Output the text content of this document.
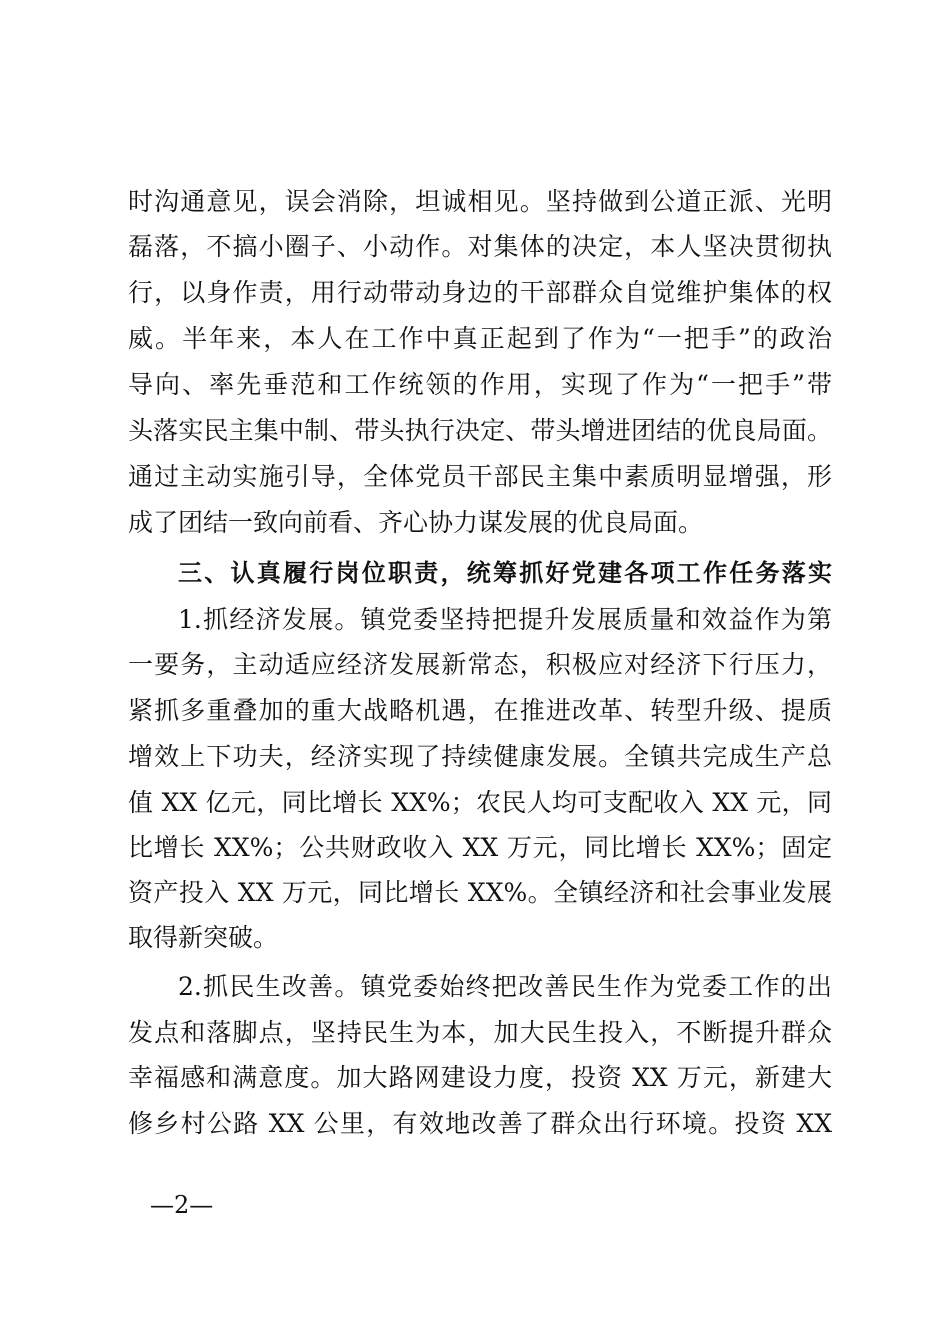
时沟通意见，误会消除，坦诚相见。坚持做到公道正派、光明
磊落，不搞小圈子、小动作。对集体的决定，本人坚决贯彻执
行，以身作责，用行动带动身边的干部群众自觉维护集体的权
威。半年来，本人在工作中真正起到了作为“一把手”的政治
导向、率先垂范和工作统领的作用，实现了作为“一把手”带
头落实民主集中制、带头执行决定、带头增进团结的优良局面。
通过主动实施引导，全体党员干部民主集中素质明显增强，形
成了团结一致向前看、齐心协力谋发展的优良局面。
三、认真履行岗位职责，统筹抓好党建各项工作任务落实
1.抓经济发展。镇党委坚持把提升发展质量和效益作为第
一要务，主动适应经济发展新常态，积极应对经济下行压力，
紧抓多重叠加的重大战略机遇，在推进改革、转型升级、提质
增效上下功夫，经济实现了持续健康发展。全镇共完成生产总
值 XX 亿元，同比增长 XX%；农民人均可支配收入 XX 元，同
比增长 XX%；公共财政收入 XX 万元，同比增长 XX%；固定
资产投入 XX 万元，同比增长 XX%。全镇经济和社会事业发展
取得新突破。
2.抓民生改善。镇党委始终把改善民生作为党委工作的出
发点和落脚点，坚持民生为本，加大民生投入，不断提升群众
幸福感和满意度。加大路网建设力度，投资 XX 万元，新建大
修乡村公路 XX 公里，有效地改善了群众出行环境。投资 XX
—2—
